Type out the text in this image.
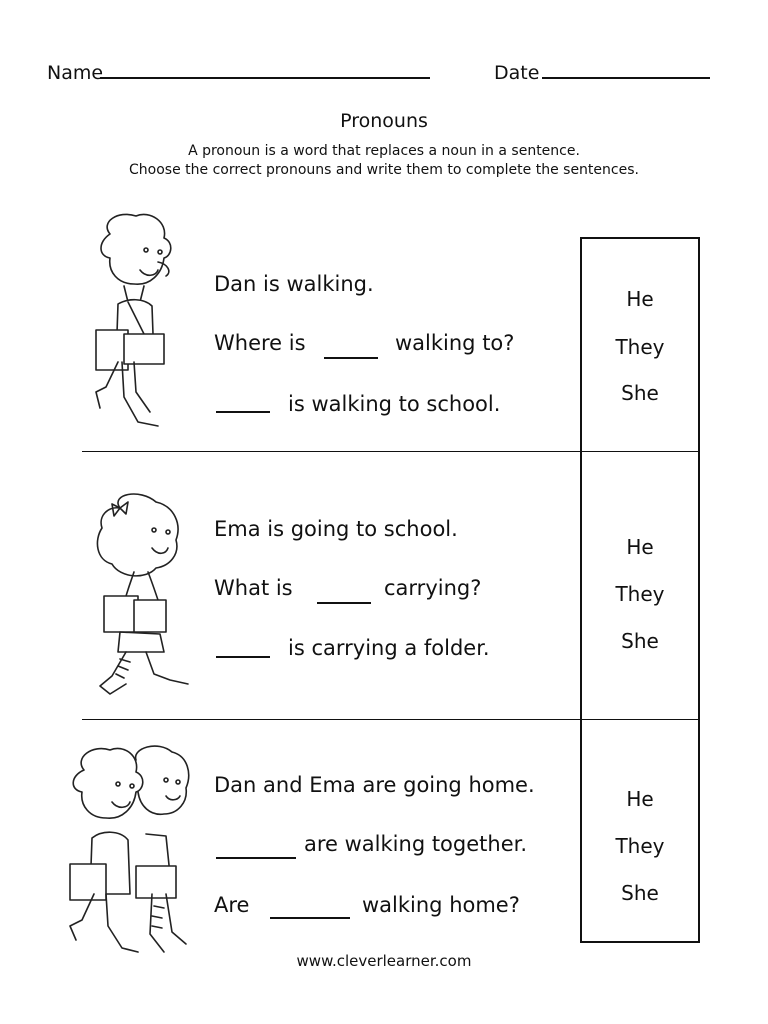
Name	Date
Pronouns
A pronoun is a word that replaces a noun in a sentence.
Choose the correct pronouns and write them to complete the sentences.
Dan is walking.
Where is	walking to?
is walking to school.
He
They
She
Ema is going to school.
What is	carrying?
is carrying a folder.
He
They
She
Dan and Ema are going home.
are walking together.
Are	walking home?
He
They
She
www.cleverlearner.com
